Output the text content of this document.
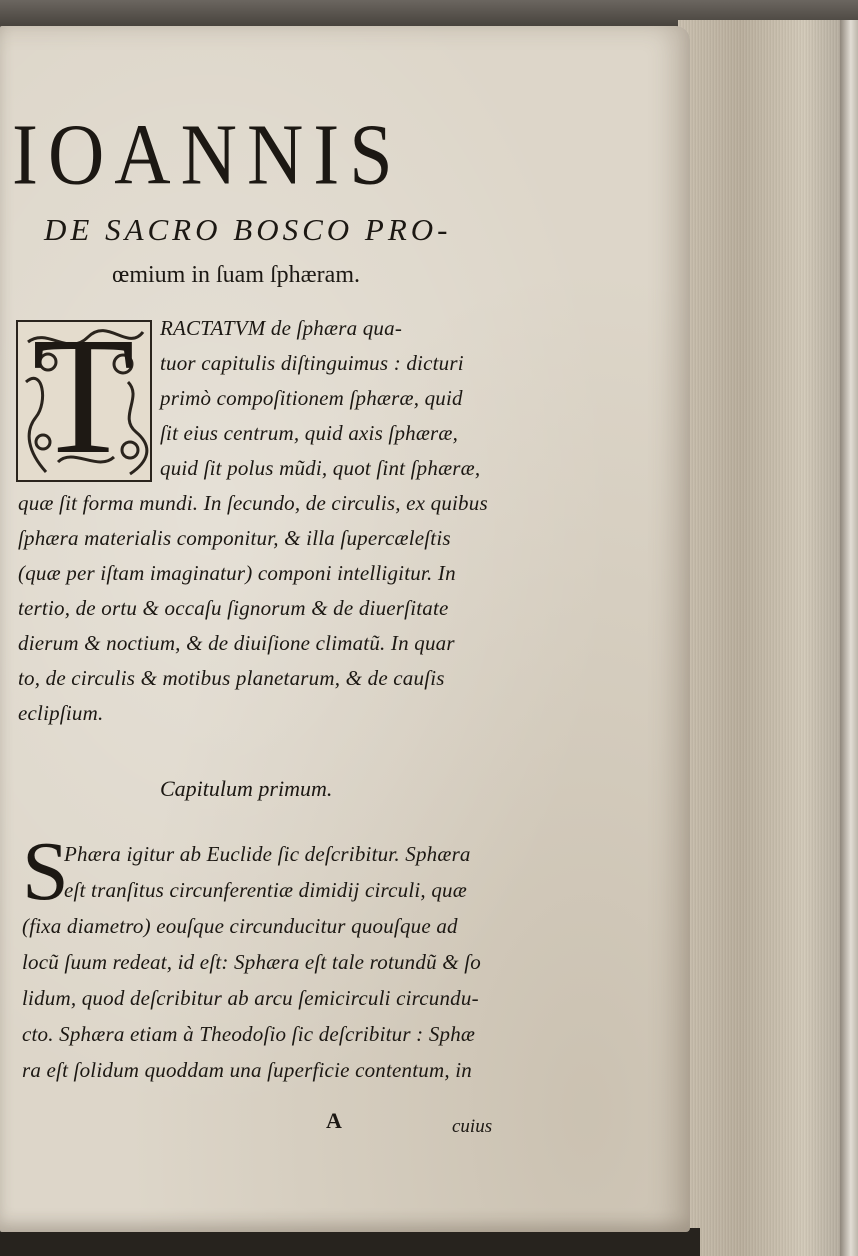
IOANNIS
DE SACRO BOSCO PRO-
œmium in ſuam ſphæram.
T RACTATVM de ſphæra qua-
tuor capitulis diſtinguimus : dicturi
primò compoſitionem ſphæræ, quid
ſit eius centrum, quid axis ſphæræ,
quid ſit polus mũdi, quot ſint ſphæræ,
quæ ſit forma mundi. In ſecundo, de circulis, ex quibus
ſphæra materialis componitur, & illa ſupercæleſtis
(quæ per iſtam imaginatur) componi intelligitur. In
tertio, de ortu & occaſu ſignorum & de diuerſitate
dierum & noctium, & de diuiſione climatũ. In quar
to, de circulis & motibus planetarum, & de cauſis
eclipſium.
Capitulum primum.
S
Phæra igitur ab Euclide ſic deſcribitur. Sphæra
eſt tranſitus circunferentiæ dimidij circuli, quæ
(fixa diametro) eouſque circunducitur quouſque ad
locũ ſuum redeat, id eſt: Sphæra eſt tale rotundũ & ſo
lidum, quod deſcribitur ab arcu ſemicirculi circundu-
cto. Sphæra etiam à Theodoſio ſic deſcribitur : Sphæ
ra eſt ſolidum quoddam una ſuperficie contentum, in
A	cuius
